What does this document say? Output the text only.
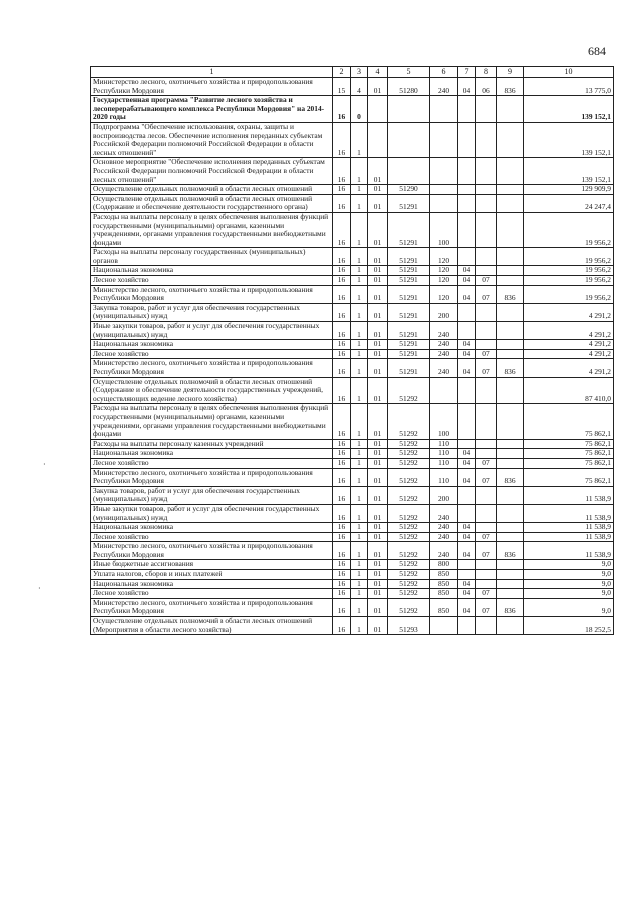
684
·
·
1	2	3	4	5	6	7	8	9	10
Министерство лесного, охотничьего хозяйства и природопользования Республики Мордовия	15	4	01	51280	240	04	06	836	13 775,0
Государственная программа "Развитие лесного хозяйства и лесоперерабатывающего комплекса Республики Мордовия" на 2014-2020 годы	16	0							139 152,1
Подпрограмма "Обеспечение использования, охраны, защиты и воспроизводства лесов. Обеспечение исполнения переданных субъектам Российской Федерации полномочий Российской Федерации в области лесных отношений"	16	1							139 152,1
Основное мероприятие "Обеспечение исполнения переданных субъектам Российской Федерации полномочий Российской Федерации в области лесных отношений"	16	1	01						139 152,1
Осуществление отдельных полномочий в области лесных отношений	16	1	01	51290					129 909,9
Осуществление отдельных полномочий в области лесных отношений (Содержание и обеспечение деятельности государственного органа)	16	1	01	51291					24 247,4
Расходы на выплаты персоналу в целях обеспечения выполнения функций государственными (муниципальными) органами, казенными учреждениями, органами управления государственными внебюджетными фондами	16	1	01	51291	100				19 956,2
Расходы на выплаты персоналу государственных (муниципальных) органов	16	1	01	51291	120				19 956,2
Национальная экономика	16	1	01	51291	120	04			19 956,2
Лесное хозяйство	16	1	01	51291	120	04	07		19 956,2
Министерство лесного, охотничьего хозяйства и природопользования Республики Мордовия	16	1	01	51291	120	04	07	836	19 956,2
Закупка товаров, работ и услуг для обеспечения государственных (муниципальных) нужд	16	1	01	51291	200				4 291,2
Иные закупки товаров, работ и услуг для обеспечения государственных (муниципальных) нужд	16	1	01	51291	240				4 291,2
Национальная экономика	16	1	01	51291	240	04			4 291,2
Лесное хозяйство	16	1	01	51291	240	04	07		4 291,2
Министерство лесного, охотничьего хозяйства и природопользования Республики Мордовия	16	1	01	51291	240	04	07	836	4 291,2
Осуществление отдельных полномочий в области лесных отношений (Содержание и обеспечение деятельности государственных учреждений, осуществляющих ведение лесного хозяйства)	16	1	01	51292					87 410,0
Расходы на выплаты персоналу в целях обеспечения выполнения функций государственными (муниципальными) органами, казенными учреждениями, органами управления государственными внебюджетными фондами	16	1	01	51292	100				75 862,1
Расходы на выплаты персоналу казенных учреждений	16	1	01	51292	110				75 862,1
Национальная экономика	16	1	01	51292	110	04			75 862,1
Лесное хозяйство	16	1	01	51292	110	04	07		75 862,1
Министерство лесного, охотничьего хозяйства и природопользования Республики Мордовия	16	1	01	51292	110	04	07	836	75 862,1
Закупка товаров, работ и услуг для обеспечения государственных (муниципальных) нужд	16	1	01	51292	200				11 538,9
Иные закупки товаров, работ и услуг для обеспечения государственных (муниципальных) нужд	16	1	01	51292	240				11 538,9
Национальная экономика	16	1	01	51292	240	04			11 538,9
Лесное хозяйство	16	1	01	51292	240	04	07		11 538,9
Министерство лесного, охотничьего хозяйства и природопользования Республики Мордовия	16	1	01	51292	240	04	07	836	11 538,9
Иные бюджетные ассигнования	16	1	01	51292	800				9,0
Уплата налогов, сборов и иных платежей	16	1	01	51292	850				9,0
Национальная экономика	16	1	01	51292	850	04			9,0
Лесное хозяйство	16	1	01	51292	850	04	07		9,0
Министерство лесного, охотничьего хозяйства и природопользования Республики Мордовия	16	1	01	51292	850	04	07	836	9,0
Осуществление отдельных полномочий в области лесных отношений (Мероприятия в области лесного хозяйства)	16	1	01	51293					18 252,5
